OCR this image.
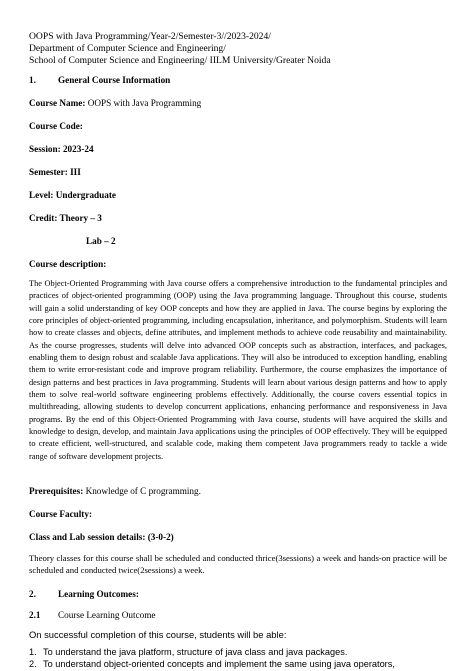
OOPS with Java Programming/Year-2/Semester-3//2023-2024/
Department of Computer Science and Engineering/
School of Computer Science and Engineering/ IILM University/Greater Noida
1. General Course Information
Course Name: OOPS with Java Programming
Course Code:
Session: 2023-24
Semester: III
Level: Undergraduate
Credit: Theory – 3
Lab – 2
Course description:
The Object-Oriented Programming with Java course offers a comprehensive introduction to the fundamental principles and practices of object-oriented programming (OOP) using the Java programming language. Throughout this course, students will gain a solid understanding of key OOP concepts and how they are applied in Java. The course begins by exploring the core principles of object-oriented programming, including encapsulation, inheritance, and polymorphism. Students will learn how to create classes and objects, define attributes, and implement methods to achieve code reusability and maintainability. As the course progresses, students will delve into advanced OOP concepts such as abstraction, interfaces, and packages, enabling them to design robust and scalable Java applications. They will also be introduced to exception handling, enabling them to write error-resistant code and improve program reliability. Furthermore, the course emphasizes the importance of design patterns and best practices in Java programming. Students will learn about various design patterns and how to apply them to solve real-world software engineering problems effectively. Additionally, the course covers essential topics in multithreading, allowing students to develop concurrent applications, enhancing performance and responsiveness in Java programs. By the end of this Object-Oriented Programming with Java course, students will have acquired the skills and knowledge to design, develop, and maintain Java applications using the principles of OOP effectively. They will be equipped to create efficient, well-structured, and scalable code, making them competent Java programmers ready to tackle a wide range of software development projects.
Prerequisites: Knowledge of C programming.
Course Faculty:
Class and Lab session details: (3-0-2)
Theory classes for this course shall be scheduled and conducted thrice(3sessions) a week and hands-on practice will be scheduled and conducted twice(2sessions) a week.
2. Learning Outcomes:
2.1 Course Learning Outcome
On successful completion of this course, students will be able:
1. To understand the java platform, structure of java class and java packages.
2. To understand object-oriented concepts and implement the same using java operators,
